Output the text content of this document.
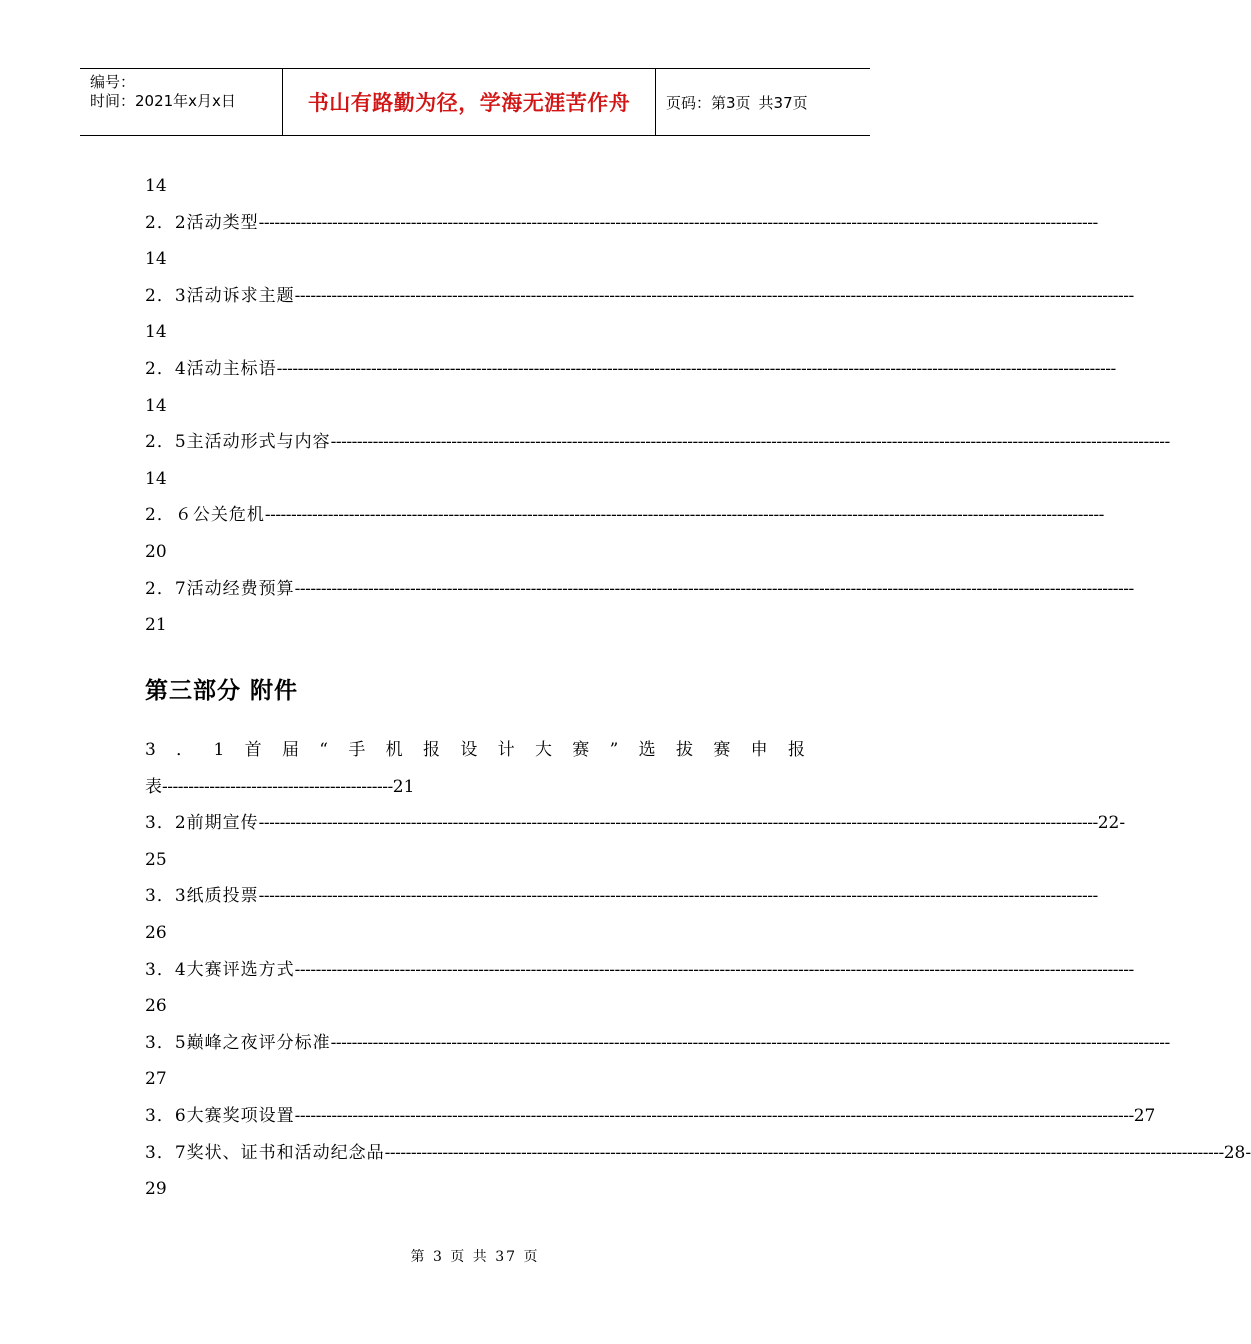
编号：
时间：2021年x月x日	书山有路勤为径，学海无涯苦作舟	页码：第3页 共37页
14
2．2活动类型 ----------------------------------------------------------------------------------------------------------------------------------------------------------------
14
2．3活动诉求主题 ----------------------------------------------------------------------------------------------------------------------------------------------------------------
14
2．4活动主标语 ----------------------------------------------------------------------------------------------------------------------------------------------------------------
14
2．5主活动形式与内容 ----------------------------------------------------------------------------------------------------------------------------------------------------------------
14
2．６公关危机 ----------------------------------------------------------------------------------------------------------------------------------------------------------------
20
2．7活动经费预算 ----------------------------------------------------------------------------------------------------------------------------------------------------------------
21
3 ． 1 首 届 “ 手 机 报 设 计 大 赛 ” 选 拔 赛 申 报
表--------------------------------------------21
3．2前期宣传 ---------------------------------------------------------------------------------------------------------------------------------------------------------------- 22-
25
3．3纸质投票 ----------------------------------------------------------------------------------------------------------------------------------------------------------------
26
3．4大赛评选方式 ----------------------------------------------------------------------------------------------------------------------------------------------------------------
26
3．5巅峰之夜评分标准 ----------------------------------------------------------------------------------------------------------------------------------------------------------------
27
3．6大赛奖项设置 ---------------------------------------------------------------------------------------------------------------------------------------------------------------- 27
3．7奖状、证书和活动纪念品 ---------------------------------------------------------------------------------------------------------------------------------------------------------------- 28-
29
第三部分 附件
第 3 页 共 37 页
